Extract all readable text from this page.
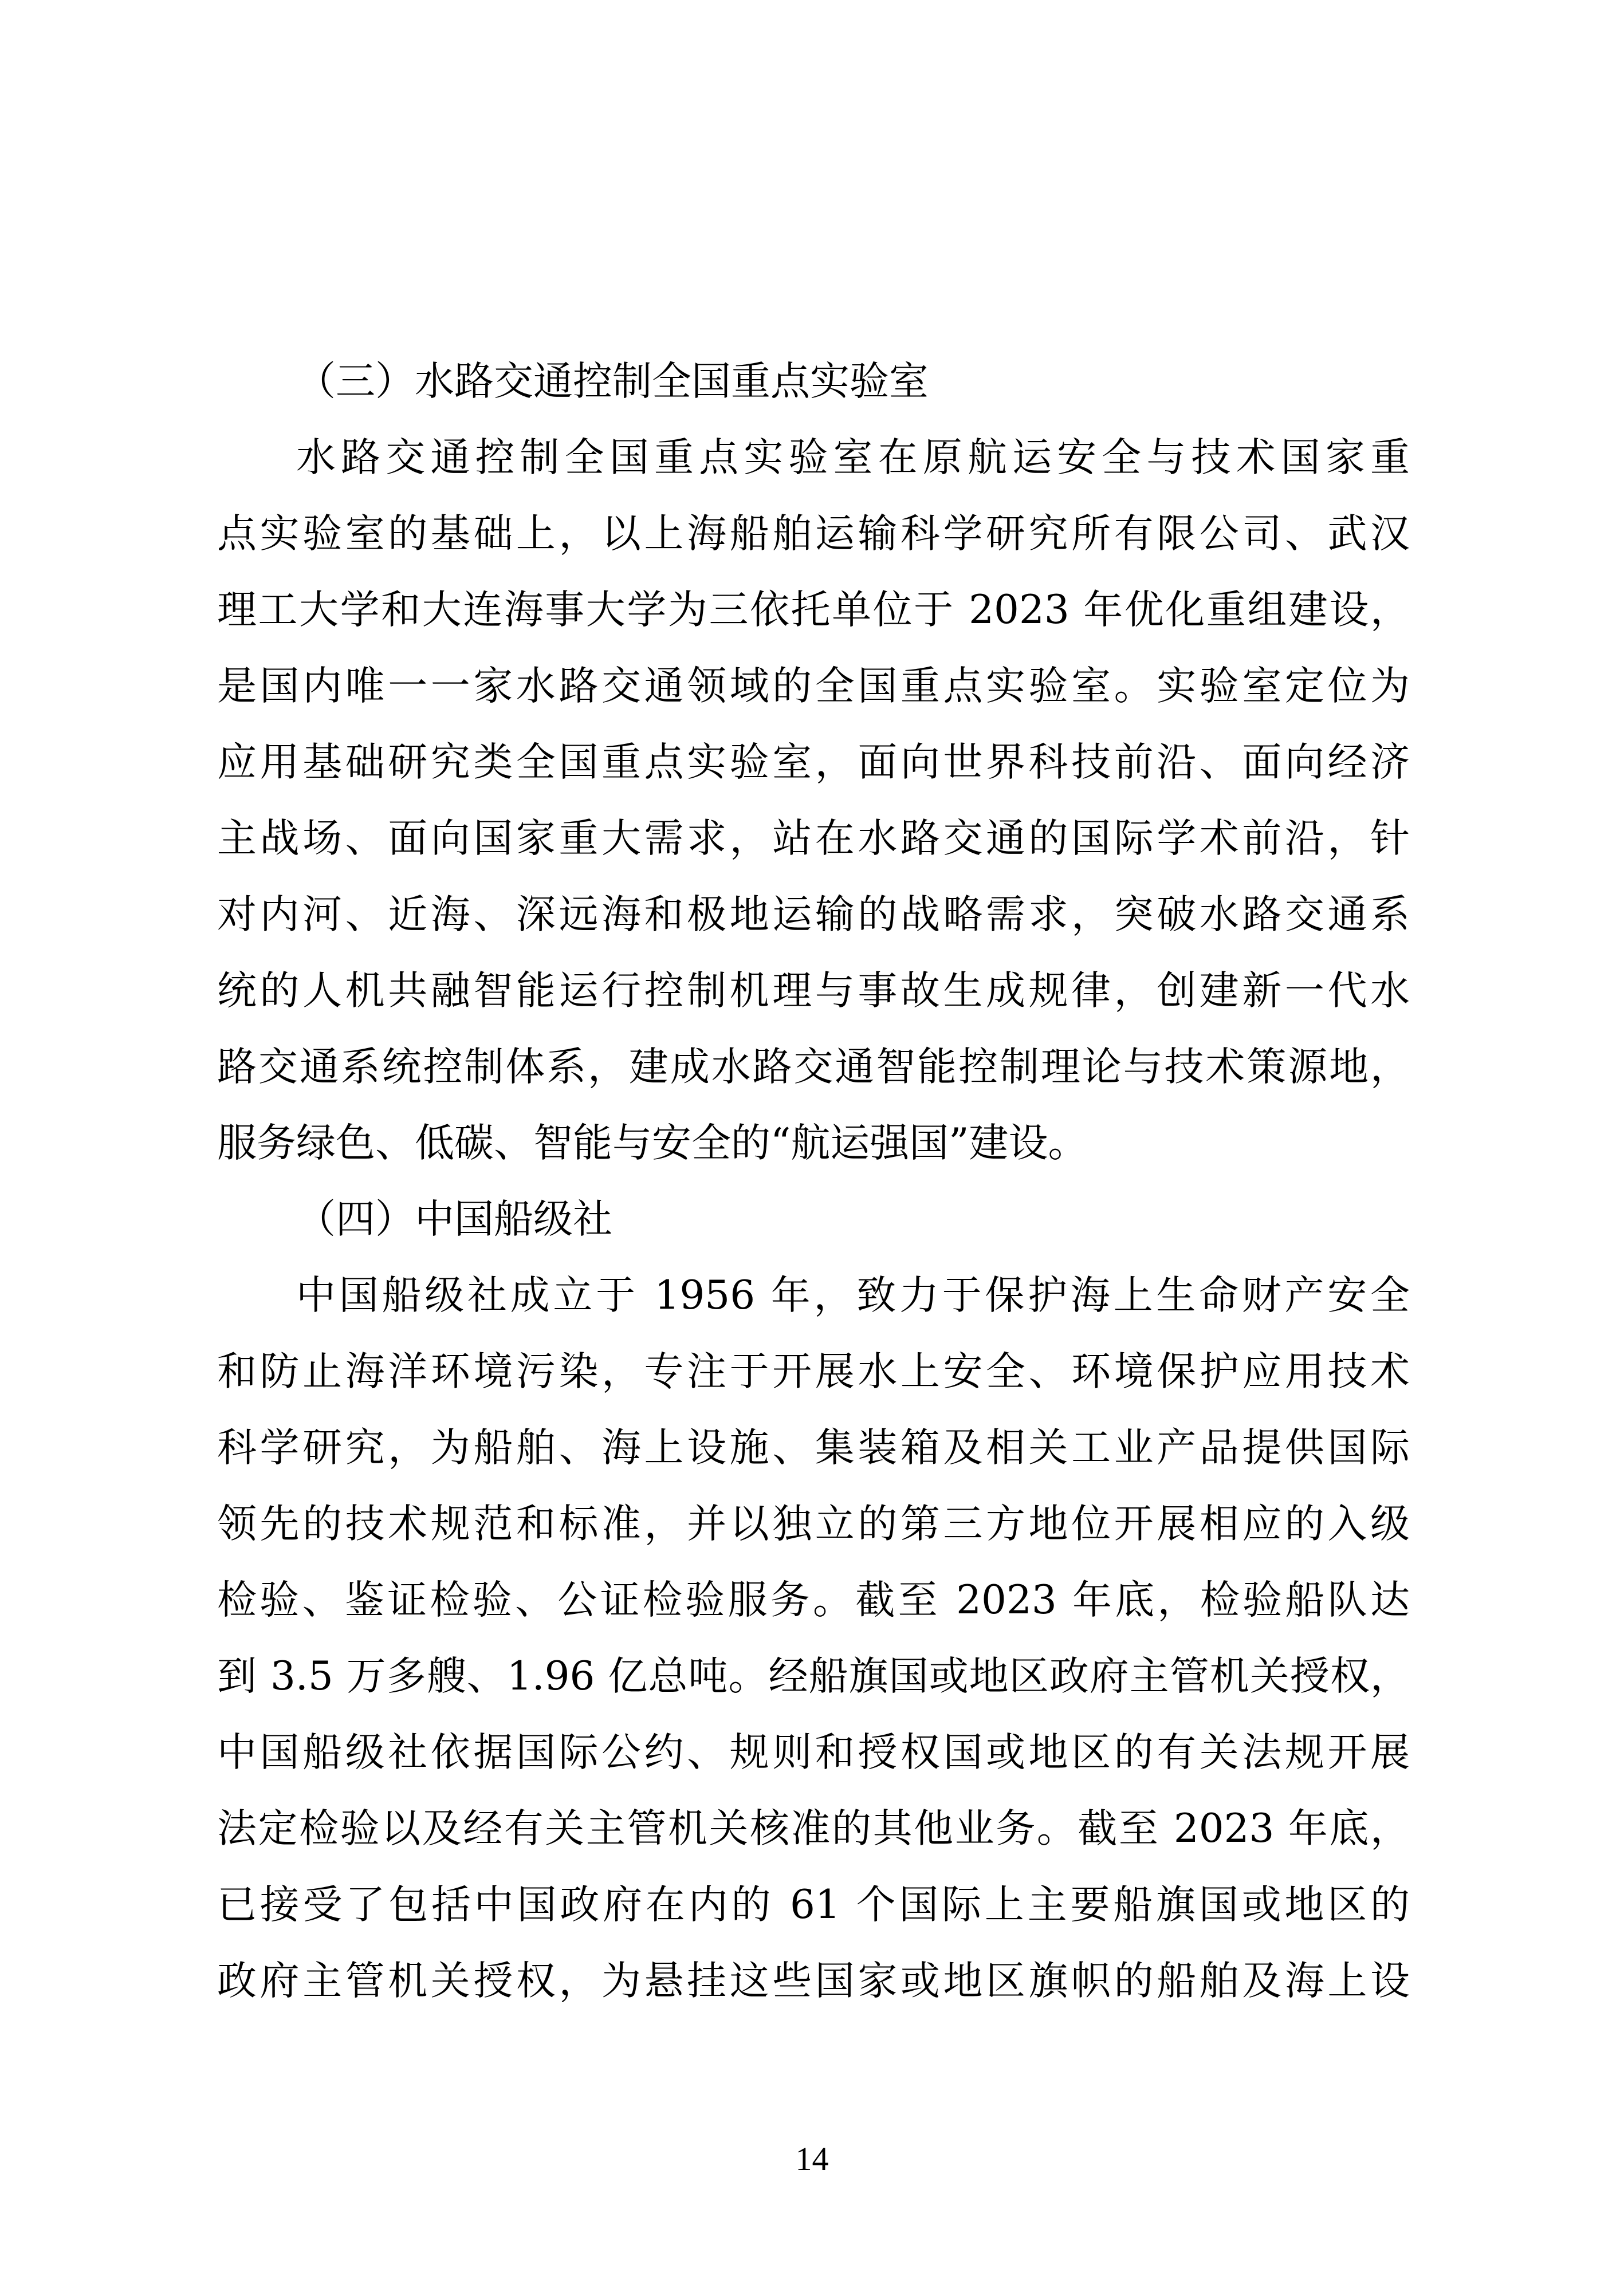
（三）水路交通控制全国重点实验室
水路交通控制全国重点实验室在原航运安全与技术国家重
点实验室的基础上，以上海船舶运输科学研究所有限公司、武汉
理工大学和大连海事大学为三依托单位于 2023 年优化重组建设，
是国内唯一一家水路交通领域的全国重点实验室。实验室定位为
应用基础研究类全国重点实验室，面向世界科技前沿、面向经济
主战场、面向国家重大需求，站在水路交通的国际学术前沿，针
对内河、近海、深远海和极地运输的战略需求，突破水路交通系
统的人机共融智能运行控制机理与事故生成规律，创建新一代水
路交通系统控制体系，建成水路交通智能控制理论与技术策源地，
服务绿色、低碳、智能与安全的“航运强国”建设。
（四）中国船级社
中国船级社成立于 1956 年，致力于保护海上生命财产安全
和防止海洋环境污染，专注于开展水上安全、环境保护应用技术
科学研究，为船舶、海上设施、集装箱及相关工业产品提供国际
领先的技术规范和标准，并以独立的第三方地位开展相应的入级
检验、鉴证检验、公证检验服务。截至 2023 年底，检验船队达
到 3.5 万多艘、1.96 亿总吨。经船旗国或地区政府主管机关授权，
中国船级社依据国际公约、规则和授权国或地区的有关法规开展
法定检验以及经有关主管机关核准的其他业务。截至 2023 年底，
已接受了包括中国政府在内的 61 个国际上主要船旗国或地区的
政府主管机关授权，为悬挂这些国家或地区旗帜的船舶及海上设
14
